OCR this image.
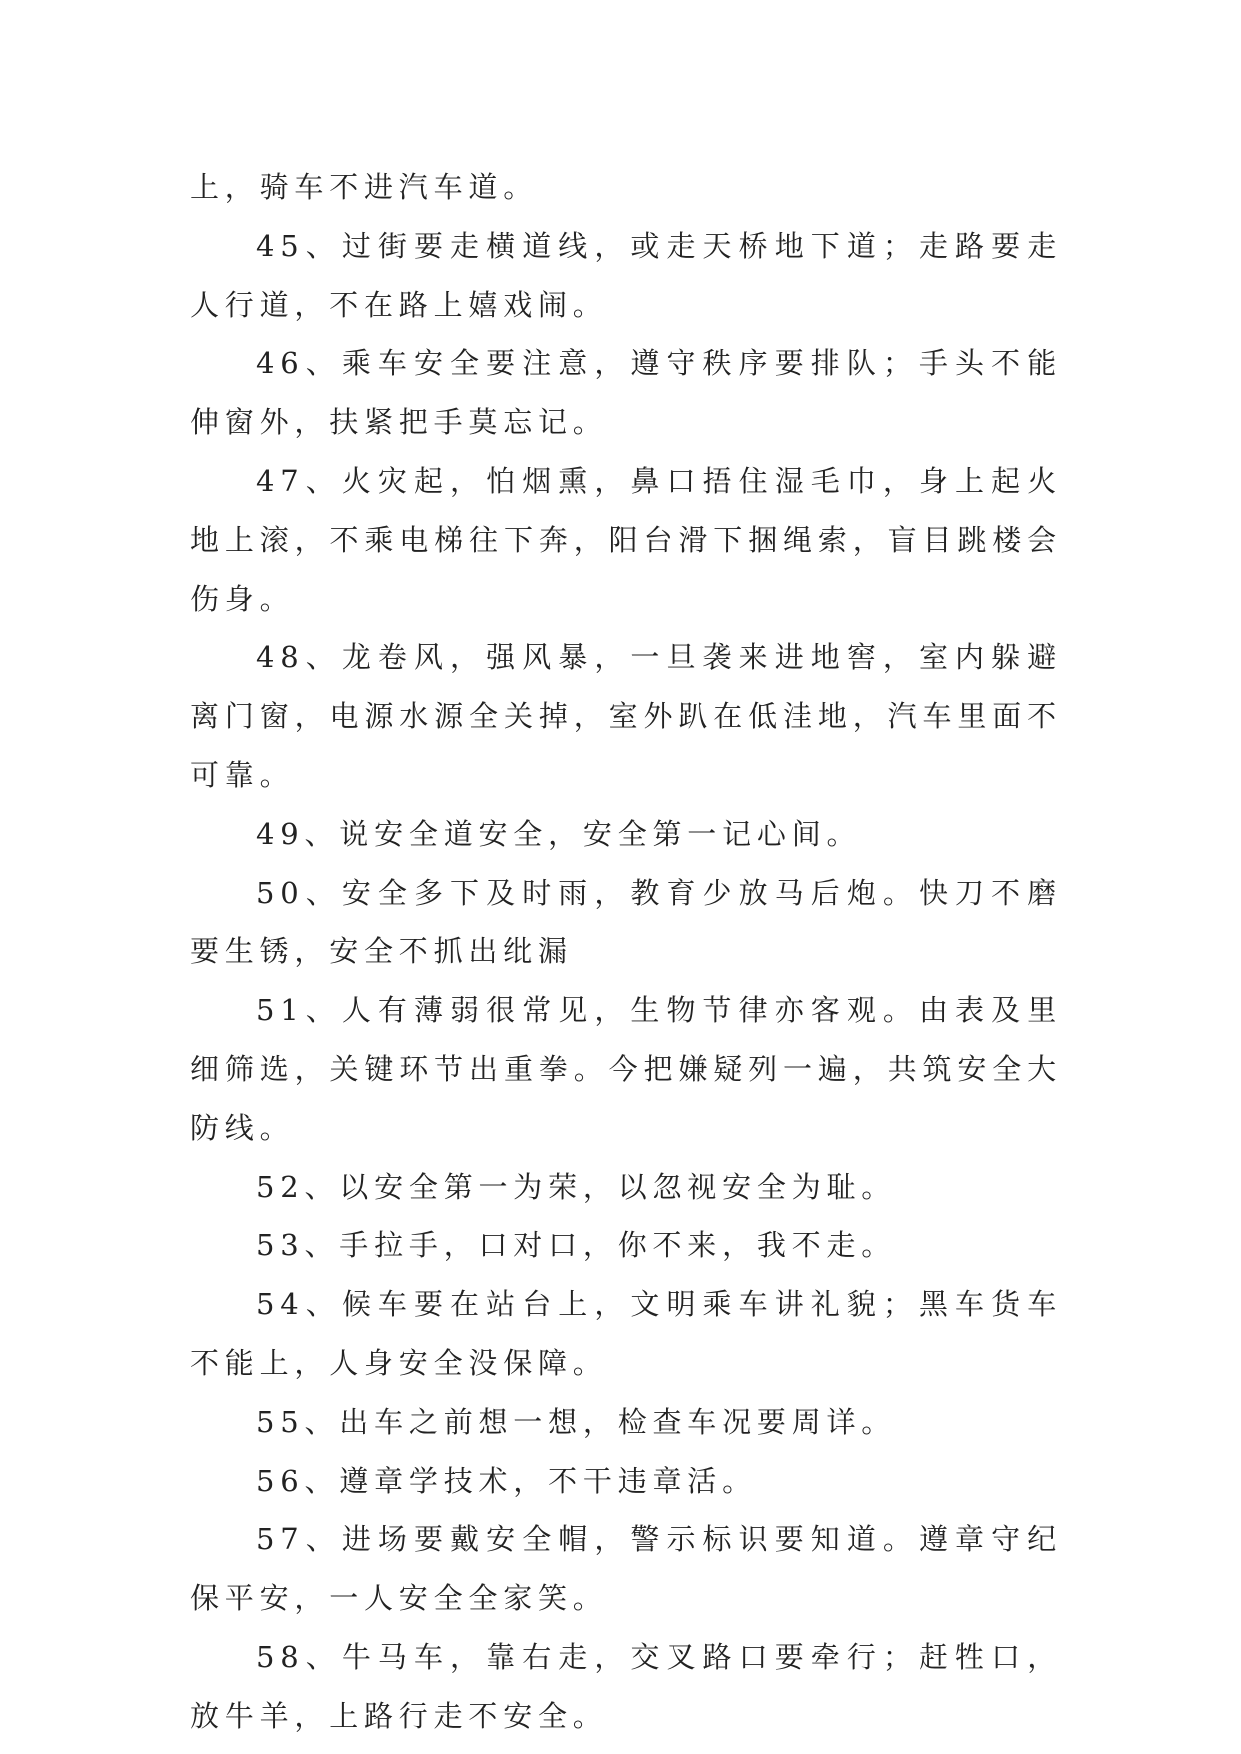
上，骑车不进汽车道。

45、过街要走横道线，或走天桥地下道；走路要走人行道，不在路上嬉戏闹。

46、乘车安全要注意，遵守秩序要排队；手头不能伸窗外，扶紧把手莫忘记。

47、火灾起，怕烟熏，鼻口捂住湿毛巾，身上起火地上滚，不乘电梯往下奔，阳台滑下捆绳索，盲目跳楼会伤身。

48、龙卷风，强风暴，一旦袭来进地窖，室内躲避离门窗，电源水源全关掉，室外趴在低洼地，汽车里面不可靠。

49、说安全道安全，安全第一记心间。

50、安全多下及时雨，教育少放马后炮。快刀不磨要生锈，安全不抓出纰漏

51、人有薄弱很常见，生物节律亦客观。由表及里细筛选，关键环节出重拳。今把嫌疑列一遍，共筑安全大防线。

52、以安全第一为荣，以忽视安全为耻。

53、手拉手，口对口，你不来，我不走。

54、候车要在站台上，文明乘车讲礼貌；黑车货车不能上，人身安全没保障。

55、出车之前想一想，检查车况要周详。

56、遵章学技术，不干违章活。

57、进场要戴安全帽，警示标识要知道。遵章守纪保平安，一人安全全家笑。

58、牛马车，靠右走，交叉路口要牵行；赶牲口，放牛羊，上路行走不安全。
